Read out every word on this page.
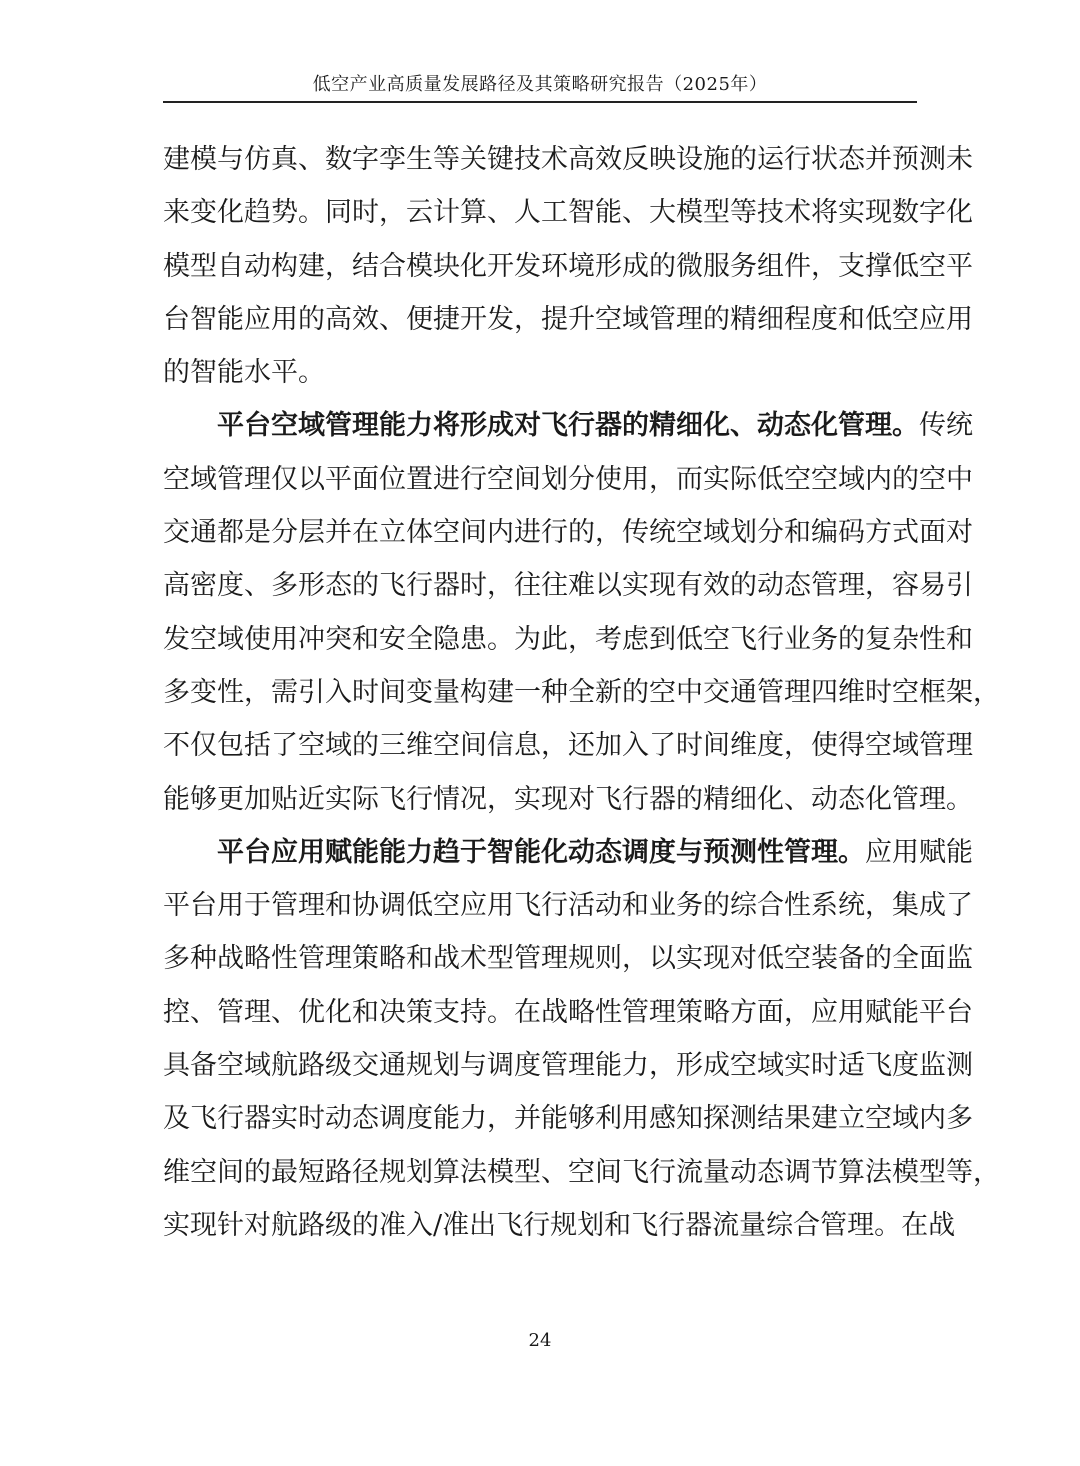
低空产业高质量发展路径及其策略研究报告（2025年）
建模与仿真、数字孪生等关键技术高效反映设施的运行状态并预测未
来变化趋势。同时，云计算、人工智能、大模型等技术将实现数字化
模型自动构建，结合模块化开发环境形成的微服务组件，支撑低空平
台智能应用的高效、便捷开发，提升空域管理的精细程度和低空应用
的智能水平。
平台空域管理能力将形成对飞行器的精细化、动态化管理。传统
空域管理仅以平面位置进行空间划分使用，而实际低空空域内的空中
交通都是分层并在立体空间内进行的，传统空域划分和编码方式面对
高密度、多形态的飞行器时，往往难以实现有效的动态管理，容易引
发空域使用冲突和安全隐患。为此，考虑到低空飞行业务的复杂性和
多变性，需引入时间变量构建一种全新的空中交通管理四维时空框架，
不仅包括了空域的三维空间信息，还加入了时间维度，使得空域管理
能够更加贴近实际飞行情况，实现对飞行器的精细化、动态化管理。
平台应用赋能能力趋于智能化动态调度与预测性管理。应用赋能
平台用于管理和协调低空应用飞行活动和业务的综合性系统，集成了
多种战略性管理策略和战术型管理规则，以实现对低空装备的全面监
控、管理、优化和决策支持。在战略性管理策略方面，应用赋能平台
具备空域航路级交通规划与调度管理能力，形成空域实时适飞度监测
及飞行器实时动态调度能力，并能够利用感知探测结果建立空域内多
维空间的最短路径规划算法模型、空间飞行流量动态调节算法模型等，
实现针对航路级的准入/准出飞行规划和飞行器流量综合管理。在战
24
